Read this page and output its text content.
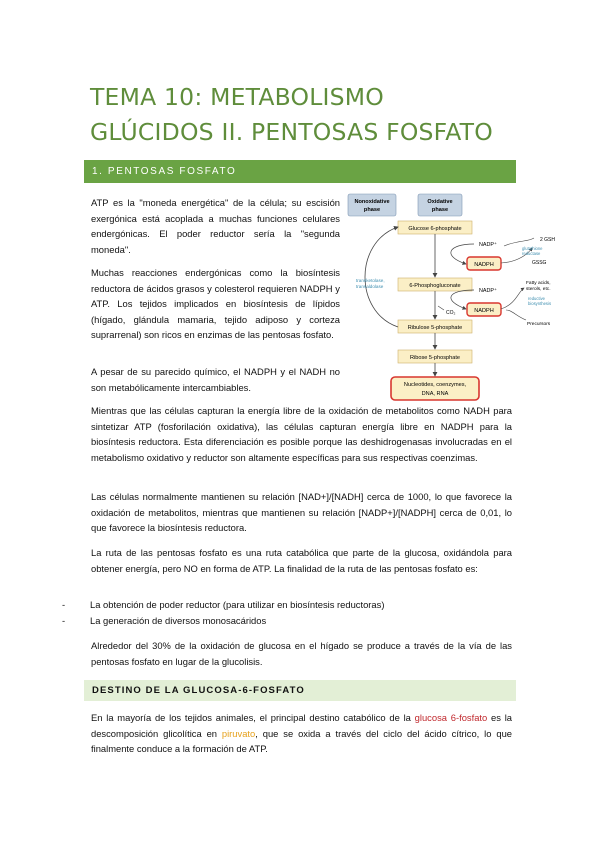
TEMA 10: METABOLISMO
GLÚCIDOS II. PENTOSAS FOSFATO
1. PENTOSAS FOSFATO

ATP es la "moneda energética" de la célula; su escisión exergónica está acoplada a muchas funciones celulares endergónicas. El poder reductor sería la "segunda moneda".

Muchas reacciones endergónicas como la biosíntesis reductora de ácidos grasos y colesterol requieren NADPH y ATP. Los tejidos implicados en biosíntesis de lípidos (hígado, glándula mamaria, tejido adiposo y corteza suprarrenal) son ricos en enzimas de las pentosas fosfato.

A pesar de su parecido químico, el NADPH y el NADH no son metabólicamente intercambiables.

Mientras que las células capturan la energía libre de la oxidación de metabolitos como NADH para sintetizar ATP (fosforilación oxidativa), las células capturan energía libre en NADPH para la biosíntesis reductora. Esta diferenciación es posible porque las deshidrogenasas involucradas en el metabolismo oxidativo y reductor son altamente específicas para sus respectivas coenzimas.

Las células normalmente mantienen su relación [NAD+]/[NADH] cerca de 1000, lo que favorece la oxidación de metabolitos, mientras que mantienen su relación [NADP+]/[NADPH] cerca de 0,01, lo que favorece la biosíntesis reductora.

La ruta de las pentosas fosfato es una ruta catabólica que parte de la glucosa, oxidándola para obtener energía, pero NO en forma de ATP. La finalidad de la ruta de las pentosas fosfato es:

-	La obtención de poder reductor (para utilizar en biosíntesis reductoras)
-	La generación de diversos monosacáridos

Alrededor del 30% de la oxidación de glucosa en el hígado se produce a través de la vía de las pentosas fosfato en lugar de la glucolisis.

DESTINO DE LA GLUCOSA-6-FOSFATO

En la mayoría de los tejidos animales, el principal destino catabólico de la glucosa 6-fosfato es la descomposición glicolítica en piruvato, que se oxida a través del ciclo del ácido cítrico, lo que finalmente conduce a la formación de ATP.

Nonoxidative
phase
Oxidative
phase
Glucose 6-phosphate
6-Phosphogluconate
Ribulose 5-phosphate
Ribose 5-phosphate
Nucleotides, coenzymes,
DNA, RNA
transketolase,
transaldolase
NADP⁺
NADPH
2 GSH
glutathione
reductase
GSSG
NADP⁺
NADPH
CO₂
Fatty acids,
sterols, etc.
reductive
biosynthesis
Precursors
